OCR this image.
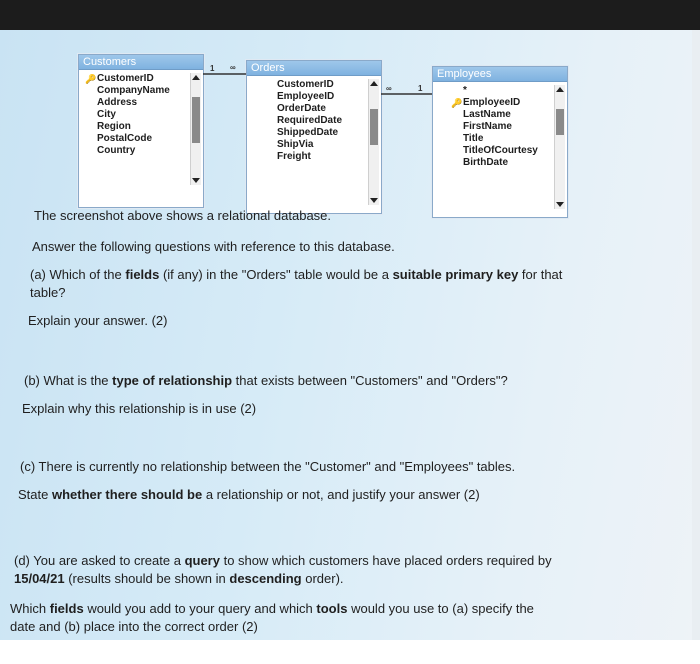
Customers
🔑 CustomerID
CompanyName
Address
City
Region
PostalCode
Country
Orders
CustomerID
EmployeeID
OrderDate
RequiredDate
ShippedDate
ShipVia
Freight
Employees
*
🔑 EmployeeID
LastName
FirstName
Title
TitleOfCourtesy
BirthDate
1 ∞
∞	1
The screenshot above shows a relational database.
Answer the following questions with reference to this database.
(a) Which of the fields (if any) in the "Orders" table would be a suitable primary key for that
table?
Explain your answer. (2)
(b) What is the type of relationship that exists between "Customers" and "Orders"?
Explain why this relationship is in use (2)
(c) There is currently no relationship between the "Customer" and "Employees" tables.
State whether there should be a relationship or not, and justify your answer (2)
(d) You are asked to create a query to show which customers have placed orders required by
15/04/21 (results should be shown in descending order).
Which fields would you add to your query and which tools would you use to (a) specify the
date and (b) place into the correct order (2)
